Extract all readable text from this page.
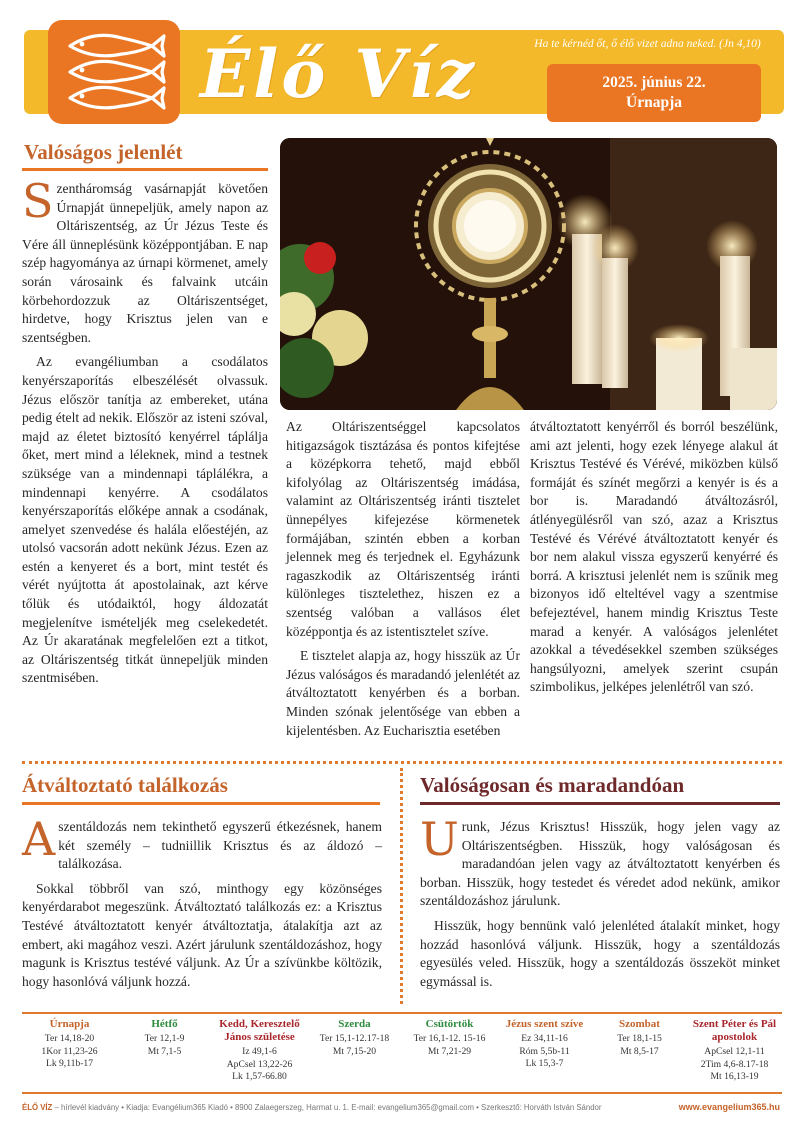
Élő Víz	Ha te kérnéd őt, ő élő vizet adna neked. (Jn 4,10)
2025. június 22.
Úrnapja
Valóságos jelenlét

Szentháromság vasárnapját követően Úrnapját ünnepeljük, amely napon az Oltáriszentség, az Úr Jézus Teste és Vére áll ünneplésünk középpontjában. E nap szép hagyománya az úrnapi körmenet, amely során városaink és falvaink utcáin körbehordozzuk az Oltáriszentséget, hirdetve, hogy Krisztus jelen van e szentségben.

Az evangéliumban a csodálatos kenyérszaporítás elbeszélését olvassuk. Jézus először tanítja az embereket, utána pedig ételt ad nekik. Először az isteni szóval, majd az életet biztosító kenyérrel táplálja őket, mert mind a léleknek, mind a testnek szüksége van a mindennapi táplálékra, a mindennapi kenyérre. A csodálatos kenyérszaporítás előképe annak a csodának, amelyet szenvedése és halála előestéjén, az utolsó vacsorán adott nekünk Jézus. Ezen az estén a kenyeret és a bort, mint testét és vérét nyújtotta át apostolainak, azt kérve tőlük és utódaiktól, hogy áldozatát megjelenítve ismételjék meg cselekedetét. Az Úr akaratának megfelelően ezt a titkot, az Oltáriszentség titkát ünnepeljük minden szentmisében.

Az Oltáriszentséggel kapcsolatos hitigazságok tisztázása és pontos kifejtése a középkorra tehető, majd ebből kifolyólag az Oltáriszentség imádása, valamint az Oltáriszentség iránti tisztelet ünnepélyes kifejezése körmenetek formájában, szintén ebben a korban jelennek meg és terjednek el. Egyházunk ragaszkodik az Oltáriszentség iránti különleges tisztelethez, hiszen ez a szentség valóban a vallásos élet középpontja és az istentisztelet szíve.

E tisztelet alapja az, hogy hisszük az Úr Jézus valóságos és maradandó jelenlétét az átváltoztatott kenyérben és a borban. Minden szónak jelentősége van ebben a kijelentésben. Az Eucharisztia esetében

átváltoztatott kenyérről és borról beszélünk, ami azt jelenti, hogy ezek lényege alakul át Krisztus Testévé és Vérévé, miközben külső formáját és színét megőrzi a kenyér is és a bor is. Maradandó átváltozásról, átlényegülésről van szó, azaz a Krisztus Testévé és Vérévé átváltoztatott kenyér és bor nem alakul vissza egyszerű kenyérré és borrá. A krisztusi jelenlét nem is szűnik meg bizonyos idő elteltével vagy a szentmise befejeztével, hanem mindig Krisztus Teste marad a kenyér. A valóságos jelenlétet azokkal a tévedésekkel szemben szükséges hangsúlyozni, amelyek szerint csupán szimbolikus, jelképes jelenlétről van szó.

Átváltoztató találkozás

Aszentáldozás nem tekinthető egyszerű étkezésnek, hanem két személy – tudniillik Krisztus és az áldozó – találkozása.

Sokkal többről van szó, minthogy egy közönséges kenyérdarabot megeszünk. Átváltoztató találkozás ez: a Krisztus Testévé átváltoztatott kenyér átváltoztatja, átalakítja azt az embert, aki magához veszi. Azért járulunk szentáldozáshoz, hogy magunk is Krisztus testévé váljunk. Az Úr a szívünkbe költözik, hogy hasonlóvá váljunk hozzá.

Valóságosan és maradandóan

Urunk, Jézus Krisztus! Hisszük, hogy jelen vagy az Oltáriszentségben. Hisszük, hogy valóságosan és maradandóan jelen vagy az átváltoztatott kenyérben és borban. Hisszük, hogy testedet és véredet adod nekünk, amikor szentáldozáshoz járulunk.

Hisszük, hogy bennünk való jelenléted átalakít minket, hogy hozzád hasonlóvá váljunk. Hisszük, hogy a szentáldozás egyesülés veled. Hisszük, hogy a szentáldozás összeköt minket egymással is.

Úrnapja
Ter 14,18-20
1Kor 11,23-26
Lk 9,11b-17
Hétfő
Ter 12,1-9
Mt 7,1-5
Kedd, Keresztelő János születése
Iz 49,1-6
ApCsel 13,22-26
Lk 1,57-66.80
Szerda
Ter 15,1-12.17-18
Mt 7,15-20
Csütörtök
Ter 16,1-12. 15-16
Mt 7,21-29
Jézus szent szíve
Ez 34,11-16
Róm 5,5b-11
Lk 15,3-7
Szombat
Ter 18,1-15
Mt 8,5-17
Szent Péter és Pál apostolok
ApCsel 12,1-11
2Tim 4,6-8.17-18
Mt 16,13-19
ÉLŐ VÍZ – hírlevél kiadvány • Kiadja: Evangélium365 Kiadó • 8900 Zalaegerszeg, Harmat u. 1. E-mail: evangelium365@gmail.com • Szerkesztő: Horváth István Sándor	www.evangelium365.hu
